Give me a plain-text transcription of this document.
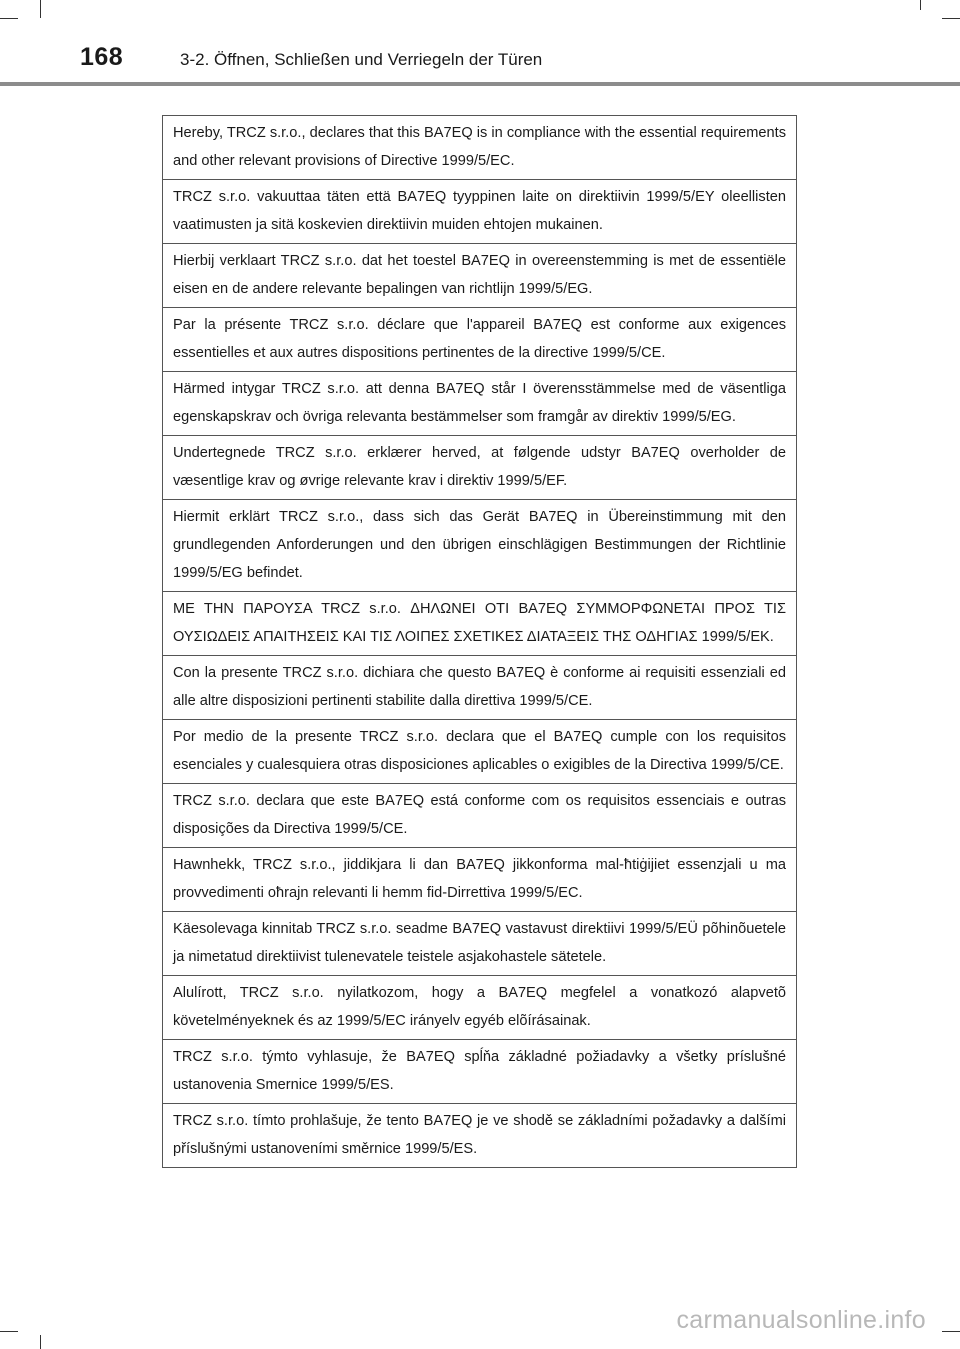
168	3-2. Öffnen, Schließen und Verriegeln der Türen
Hereby, TRCZ s.r.o., declares that this BA7EQ is in compliance with the essential requirements and other relevant provisions of Directive 1999/5/EC.
TRCZ s.r.o. vakuuttaa täten että BA7EQ tyyppinen laite on direktiivin 1999/5/EY oleellisten vaatimusten ja sitä koskevien direktiivin muiden ehtojen mukainen.
Hierbij verklaart TRCZ s.r.o. dat het toestel BA7EQ in overeenstemming is met de essentiële eisen en de andere relevante bepalingen van richtlijn 1999/5/EG.
Par la présente TRCZ s.r.o. déclare que l'appareil BA7EQ est conforme aux exigences essentielles et aux autres dispositions pertinentes de la directive 1999/5/CE.
Härmed intygar TRCZ s.r.o. att denna BA7EQ står I överensstämmelse med de väsentliga egenskapskrav och övriga relevanta bestämmelser som framgår av direktiv 1999/5/EG.
Undertegnede TRCZ s.r.o. erklærer herved, at følgende udstyr BA7EQ overholder de væsentlige krav og øvrige relevante krav i direktiv 1999/5/EF.
Hiermit erklärt TRCZ s.r.o., dass sich das Gerät BA7EQ in Übereinstimmung mit den grundlegenden Anforderungen und den übrigen einschlägigen Bestimmungen der Richtlinie 1999/5/EG befindet.
ΜΕ ΤΗΝ ΠΑΡΟΥΣΑ TRCZ s.r.o. ΔΗΛΩΝΕΙ ΟΤΙ BA7EQ ΣΥΜΜΟΡΦΩΝΕΤΑΙ ΠΡΟΣ ΤΙΣ ΟΥΣΙΩΔΕΙΣ ΑΠΑΙΤΗΣΕΙΣ ΚΑΙ ΤΙΣ ΛΟΙΠΕΣ ΣΧΕΤΙΚΕΣ ΔΙΑΤΑΞΕΙΣ ΤΗΣ ΟΔΗΓΙΑΣ 1999/5/ΕΚ.
Con la presente TRCZ s.r.o. dichiara che questo BA7EQ è conforme ai requisiti essenziali ed alle altre disposizioni pertinenti stabilite dalla direttiva 1999/5/CE.
Por medio de la presente TRCZ s.r.o. declara que el BA7EQ cumple con los requisitos esenciales y cualesquiera otras disposiciones aplicables o exigibles de la Directiva 1999/5/CE.
TRCZ s.r.o. declara que este BA7EQ está conforme com os requisitos essenciais e outras disposições da Directiva 1999/5/CE.
Hawnhekk, TRCZ s.r.o., jiddikjara li dan BA7EQ jikkonforma mal-ħtiġijiet essenzjali u ma provvedimenti oħrajn relevanti li hemm fid-Dirrettiva 1999/5/EC.
Käesolevaga kinnitab TRCZ s.r.o. seadme BA7EQ vastavust direktiivi 1999/5/EÜ põhinõuetele ja nimetatud direktiivist tulenevatele teistele asjakohastele sätetele.
Alulírott, TRCZ s.r.o. nyilatkozom, hogy a BA7EQ megfelel a vonatkozó alapvetõ követelményeknek és az 1999/5/EC irányelv egyéb elõírásainak.
TRCZ s.r.o. týmto vyhlasuje, že BA7EQ spĺňa základné požiadavky a všetky príslušné ustanovenia Smernice 1999/5/ES.
TRCZ s.r.o. tímto prohlašuje, že tento BA7EQ je ve shodě se základními požadavky a dalšími příslušnými ustanoveními směrnice 1999/5/ES.
carmanualsonline.info
